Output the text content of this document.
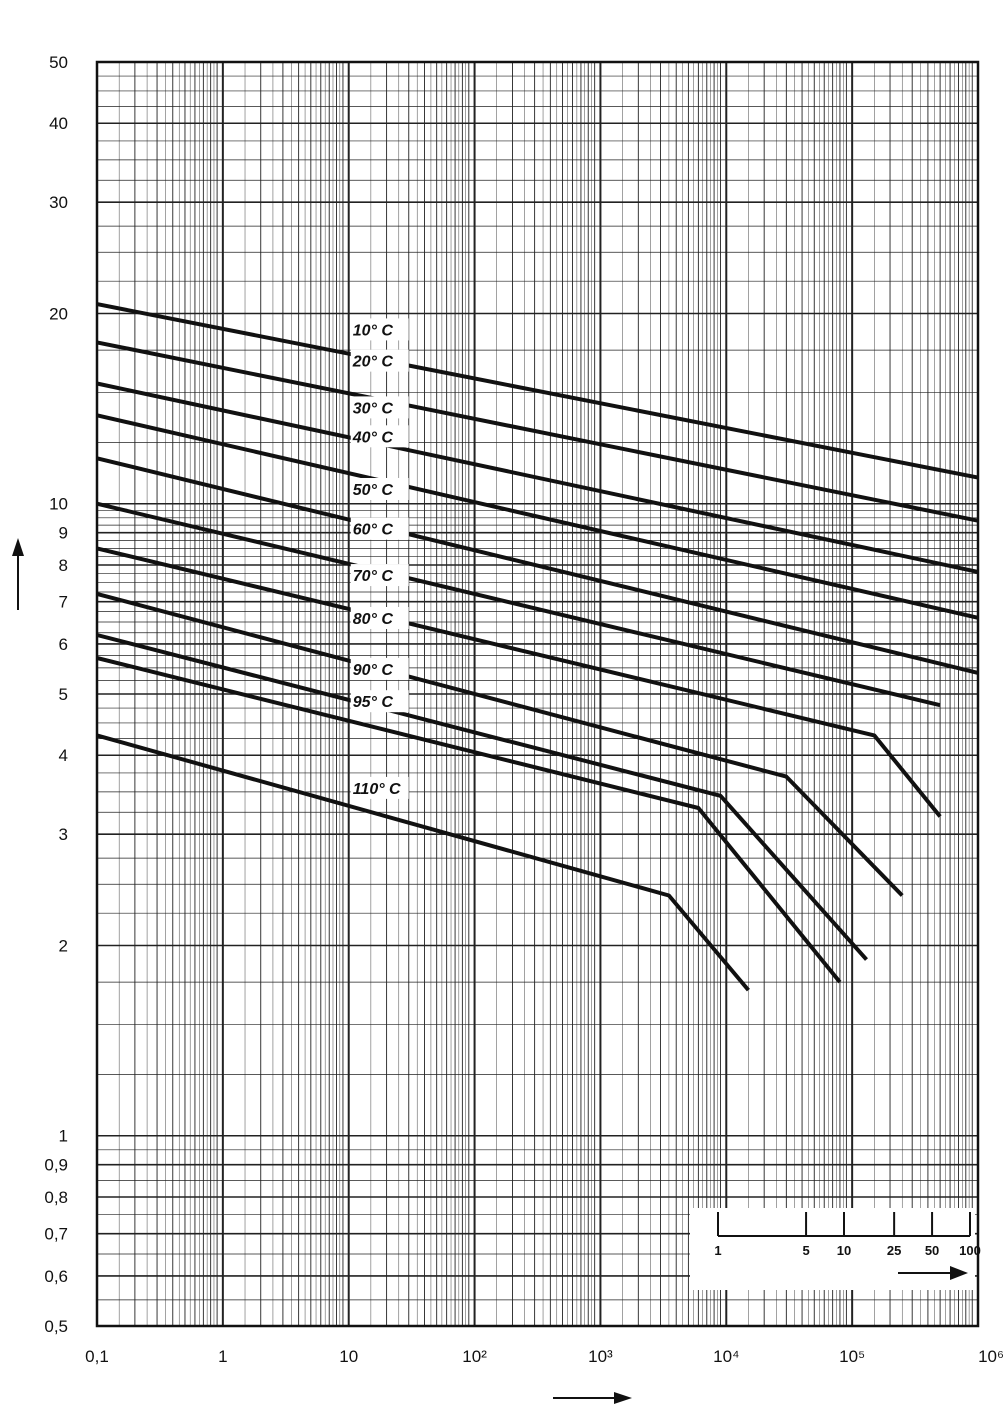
0,5
0,6
0,7
0,8
0,9
1
2
3
4
5
6
7
8
9
10
20
30
40
50
0,1	1	10	10²	10³	10⁴	10⁵	10⁶
10° C
20° C
30° C
40° C
50° C
60° C
70° C
80° C
90° C
95° C
110° C
1	5 10	25 50 100
